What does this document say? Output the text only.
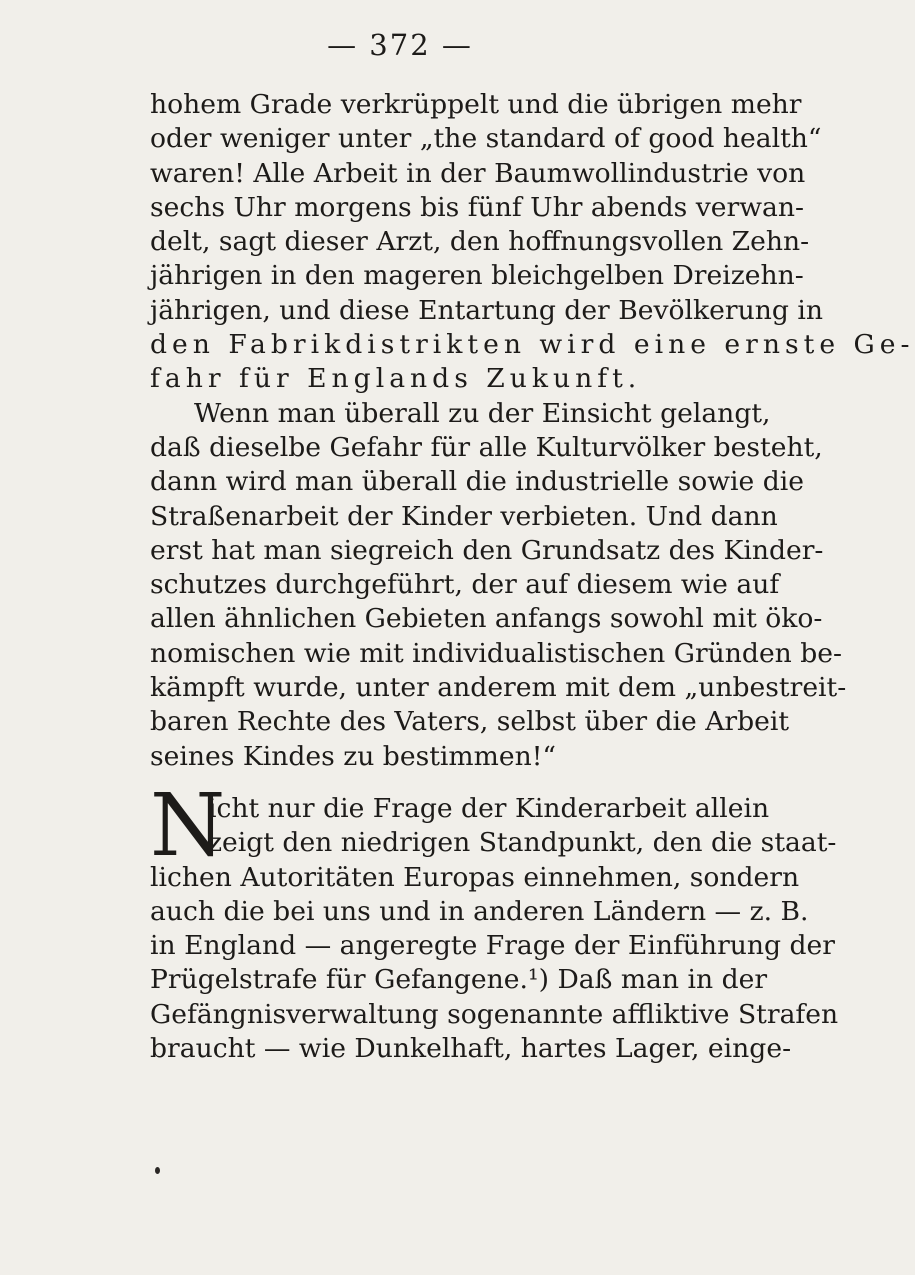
— 372 —
hohem Grade verkrüppelt und die übrigen mehr
oder weniger unter „the standard of good health“
waren! Alle Arbeit in der Baumwollindustrie von
sechs Uhr morgens bis fünf Uhr abends verwan-
delt, sagt dieser Arzt, den hoffnungsvollen Zehn-
jährigen in den mageren bleichgelben Dreizehn-
jährigen, und diese Entartung der Bevölkerung in
den Fabrikdistrikten wird eine ernste Ge-
fahr für Englands Zukunft.
Wenn man überall zu der Einsicht gelangt,
daß dieselbe Gefahr für alle Kulturvölker besteht,
dann wird man überall die industrielle sowie die
Straßenarbeit der Kinder verbieten. Und dann
erst hat man siegreich den Grundsatz des Kinder-
schutzes durchgeführt, der auf diesem wie auf
allen ähnlichen Gebieten anfangs sowohl mit öko-
nomischen wie mit individualistischen Gründen be-
kämpft wurde, unter anderem mit dem „unbestreit-
baren Rechte des Vaters, selbst über die Arbeit
seines Kindes zu bestimmen!“
N
icht nur die Frage der Kinderarbeit allein
zeigt den niedrigen Standpunkt, den die staat-
lichen Autoritäten Europas einnehmen, sondern
auch die bei uns und in anderen Ländern — z. B.
in England — angeregte Frage der Einführung der
Prügelstrafe für Gefangene.¹) Daß man in der
Gefängnisverwaltung sogenannte affliktive Strafen
braucht — wie Dunkelhaft, hartes Lager, einge-
